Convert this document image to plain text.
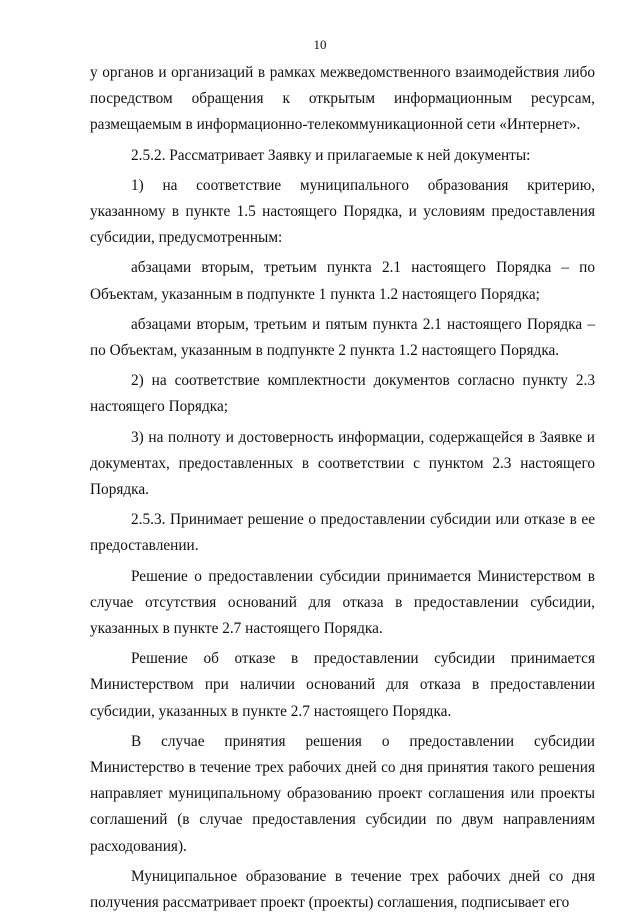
10

у органов и организаций в рамках межведомственного взаимодействия либо посредством обращения к открытым информационным ресурсам, размещаемым в информационно-телекоммуникационной сети «Интернет».

2.5.2. Рассматривает Заявку и прилагаемые к ней документы:

1) на соответствие муниципального образования критерию, указанному в пункте 1.5 настоящего Порядка, и условиям предоставления субсидии, предусмотренным:

абзацами вторым, третьим пункта 2.1 настоящего Порядка – по Объектам, указанным в подпункте 1 пункта 1.2 настоящего Порядка;

абзацами вторым, третьим и пятым пункта 2.1 настоящего Порядка – по Объектам, указанным в подпункте 2 пункта 1.2 настоящего Порядка.

2) на соответствие комплектности документов согласно пункту 2.3 настоящего Порядка;

3) на полноту и достоверность информации, содержащейся в Заявке и документах, предоставленных в соответствии с пунктом 2.3 настоящего Порядка.

2.5.3. Принимает решение о предоставлении субсидии или отказе в ее предоставлении.

Решение о предоставлении субсидии принимается Министерством в случае отсутствия оснований для отказа в предоставлении субсидии, указанных в пункте 2.7 настоящего Порядка.

Решение об отказе в предоставлении субсидии принимается Министерством при наличии оснований для отказа в предоставлении субсидии, указанных в пункте 2.7 настоящего Порядка.

В случае принятия решения о предоставлении субсидии Министерство в течение трех рабочих дней со дня принятия такого решения направляет муниципальному образованию проект соглашения или проекты соглашений (в случае предоставления субсидии по двум направлениям расходования).

Муниципальное образование в течение трех рабочих дней со дня получения рассматривает проект (проекты) соглашения, подписывает его
